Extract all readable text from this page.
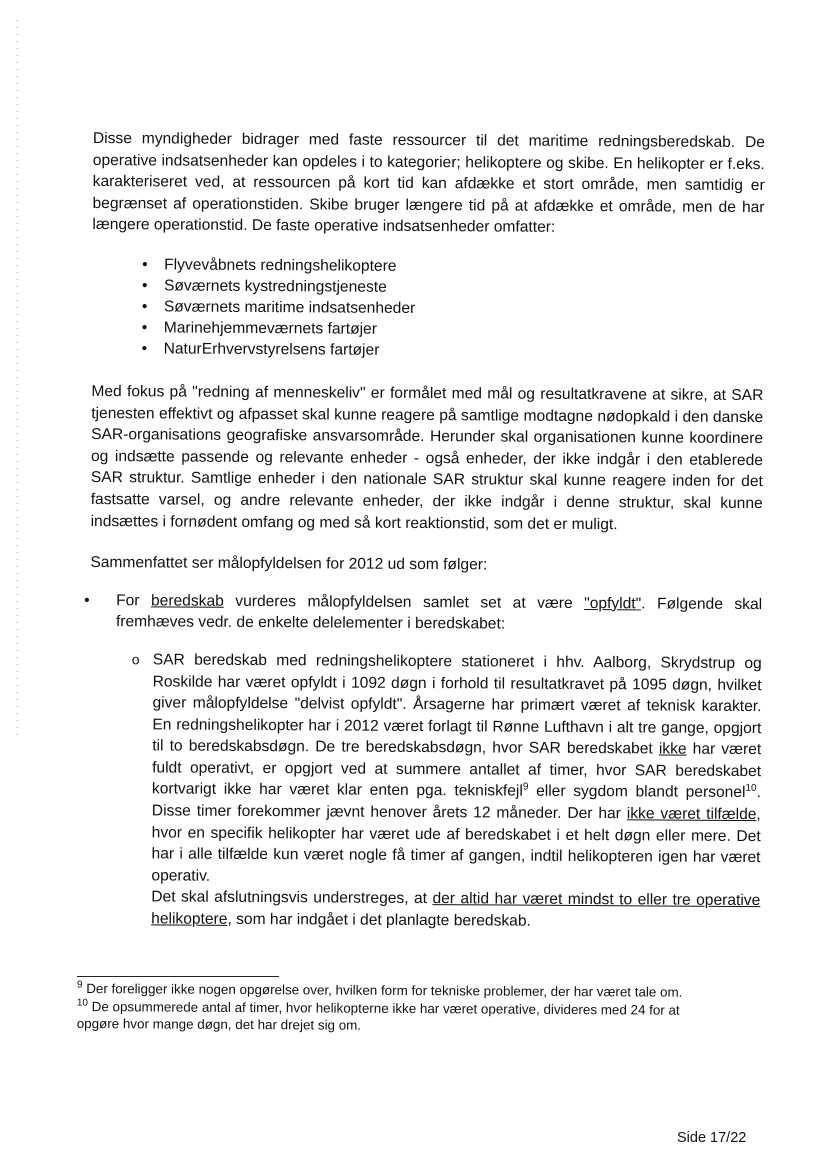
Disse myndigheder bidrager med faste ressourcer til det maritime redningsberedskab. De operative indsatsenheder kan opdeles i to kategorier; helikoptere og skibe. En helikopter er f.eks. karakteriseret ved, at ressourcen på kort tid kan afdække et stort område, men samtidig er begrænset af operationstiden. Skibe bruger længere tid på at afdække et område, men de har længere operationstid. De faste operative indsatsenheder omfatter:

• Flyvevåbnets redningshelikoptere
• Søværnets kystredningstjeneste
• Søværnets maritime indsatsenheder
• Marinehjemmeværnets fartøjer
• NaturErhvervstyrelsens fartøjer

Med fokus på "redning af menneskeliv" er formålet med mål og resultatkravene at sikre, at SAR tjenesten effektivt og afpasset skal kunne reagere på samtlige modtagne nødopkald i den danske SAR-organisations geografiske ansvarsområde. Herunder skal organisationen kunne koordinere og indsætte passende og relevante enheder - også enheder, der ikke indgår i den etablerede SAR struktur. Samtlige enheder i den nationale SAR struktur skal kunne reagere inden for det fastsatte varsel, og andre relevante enheder, der ikke indgår i denne struktur, skal kunne indsættes i fornødent omfang og med så kort reaktionstid, som det er muligt.

Sammenfattet ser målopfyldelsen for 2012 ud som følger:

• For beredskab vurderes målopfyldelsen samlet set at være "opfyldt". Følgende skal fremhæves vedr. de enkelte delelementer i beredskabet:

o SAR beredskab med redningshelikoptere stationeret i hhv. Aalborg, Skrydstrup og Roskilde har været opfyldt i 1092 døgn i forhold til resultatkravet på 1095 døgn, hvilket giver målopfyldelse "delvist opfyldt". Årsagerne har primært været af teknisk karakter. En redningshelikopter har i 2012 været forlagt til Rønne Lufthavn i alt tre gange, opgjort til to beredskabsdøgn. De tre beredskabsdøgn, hvor SAR beredskabet ikke har været fuldt operativt, er opgjort ved at summere antallet af timer, hvor SAR beredskabet kortvarigt ikke har været klar enten pga. tekniskfejl$^9$ eller sygdom blandt personel$^{10}$. Disse timer forekommer jævnt henover årets 12 måneder. Der har ikke været tilfælde, hvor en specifik helikopter har været ude af beredskabet i et helt døgn eller mere. Det har i alle tilfælde kun været nogle få timer af gangen, indtil helikopteren igen har været operativ.

Det skal afslutningsvis understreges, at der altid har været mindst to eller tre operative helikoptere, som har indgået i det planlagte beredskab.

$^9$ Der foreligger ikke nogen opgørelse over, hvilken form for tekniske problemer, der har været tale om.
$^{10}$ De opsummerede antal af timer, hvor helikopterne ikke har været operative, divideres med 24 for at opgøre hvor mange døgn, det har drejet sig om.
Side 17/22
